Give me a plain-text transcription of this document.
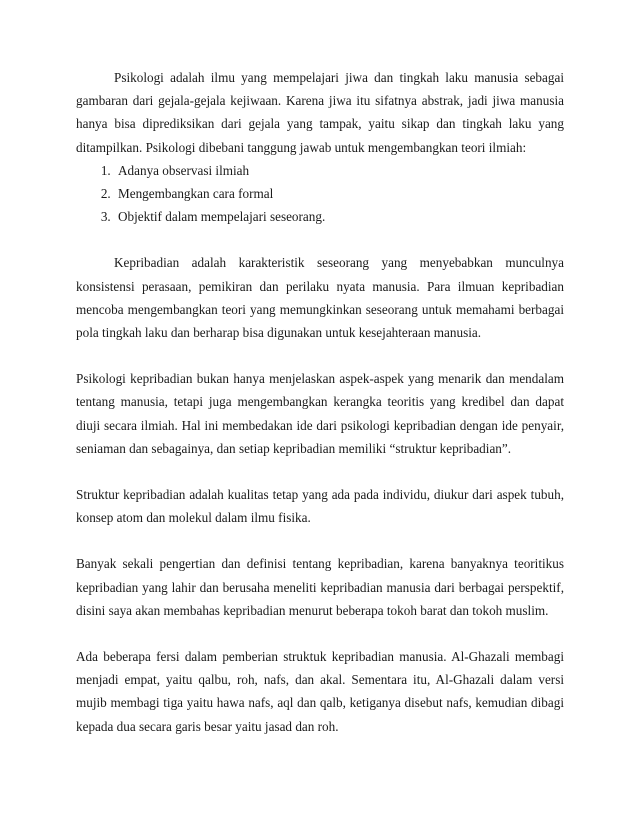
Psikologi adalah ilmu yang mempelajari jiwa dan tingkah laku manusia sebagai gambaran dari gejala-gejala kejiwaan. Karena jiwa itu sifatnya abstrak, jadi jiwa manusia hanya bisa diprediksikan dari gejala yang tampak, yaitu sikap dan tingkah laku yang ditampilkan. Psikologi dibebani tanggung jawab untuk mengembangkan teori ilmiah:

1. Adanya observasi ilmiah
2. Mengembangkan cara formal
3. Objektif dalam mempelajari seseorang.

Kepribadian adalah karakteristik seseorang yang menyebabkan munculnya konsistensi perasaan, pemikiran dan perilaku nyata manusia. Para ilmuan kepribadian mencoba mengembangkan teori yang memungkinkan seseorang untuk memahami berbagai pola tingkah laku dan berharap bisa digunakan untuk kesejahteraan manusia.

Psikologi kepribadian bukan hanya menjelaskan aspek-aspek yang menarik dan mendalam tentang manusia, tetapi juga mengembangkan kerangka teoritis yang kredibel dan dapat diuji secara ilmiah. Hal ini membedakan ide dari psikologi kepribadian dengan ide penyair, seniaman dan sebagainya, dan setiap kepribadian memiliki “struktur kepribadian”.

Struktur kepribadian adalah kualitas tetap yang ada pada individu, diukur dari aspek tubuh, konsep atom dan molekul dalam ilmu fisika.

Banyak sekali pengertian dan definisi tentang kepribadian, karena banyaknya teoritikus kepribadian yang lahir dan berusaha meneliti kepribadian manusia dari berbagai perspektif, disini saya akan membahas kepribadian menurut beberapa tokoh barat dan tokoh muslim.

Ada beberapa fersi dalam pemberian struktuk kepribadian manusia. Al-Ghazali membagi menjadi empat, yaitu qalbu, roh, nafs, dan akal. Sementara itu, Al-Ghazali dalam versi mujib membagi tiga yaitu hawa nafs, aql dan qalb, ketiganya disebut nafs, kemudian dibagi kepada dua secara garis besar yaitu jasad dan roh.
